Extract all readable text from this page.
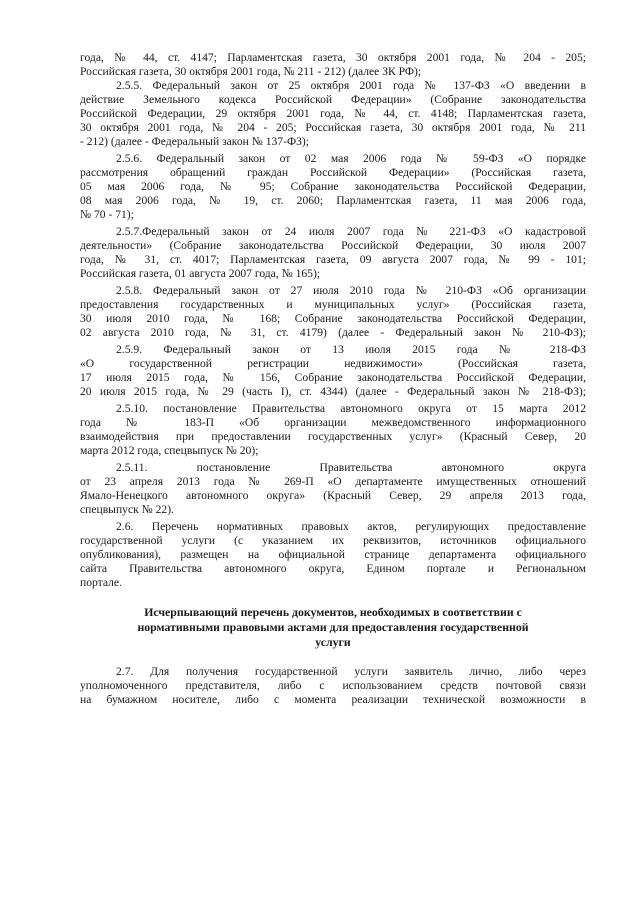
года, № 44, ст. 4147; Парламентская газета, 30 октября 2001 года, № 204 - 205;
Российская газета, 30 октября 2001 года, № 211 - 212) (далее ЗК РФ);
2.5.5. Федеральный закон от 25 октября 2001 года № 137-ФЗ «О введении в
действие Земельного кодекса Российской Федерации» (Собрание законодательства
Российской Федерации, 29 октября 2001 года, № 44, ст. 4148; Парламентская газета,
30 октября 2001 года, № 204 - 205; Российская газета, 30 октября 2001 года, № 211
- 212) (далее - Федеральный закон № 137-ФЗ);
2.5.6. Федеральный закон от 02 мая 2006 года № 59-ФЗ «О порядке
рассмотрения обращений граждан Российской Федерации» (Российская газета,
05 мая 2006 года, № 95; Собрание законодательства Российской Федерации,
08 мая 2006 года, № 19, ст. 2060; Парламентская газета, 11 мая 2006 года,
№ 70 - 71);
2.5.7.Федеральный закон от 24 июля 2007 года № 221-ФЗ «О кадастровой
деятельности» (Собрание законодательства Российской Федерации, 30 июля 2007
года, № 31, ст. 4017; Парламентская газета, 09 августа 2007 года, № 99 - 101;
Российская газета, 01 августа 2007 года, № 165);
2.5.8. Федеральный закон от 27 июля 2010 года № 210-ФЗ «Об организации
предоставления государственных и муниципальных услуг» (Российская газета,
30 июля 2010 года, № 168; Собрание законодательства Российской Федерации,
02 августа 2010 года, № 31, ст. 4179) (далее - Федеральный закон № 210-ФЗ);
2.5.9. Федеральный закон от 13 июля 2015 года № 218-ФЗ
«О государственной регистрации недвижимости» (Российская газета,
17 июля 2015 года, № 156, Собрание законодательства Российской Федерации,
20 июля 2015 года, № 29 (часть I), ст. 4344) (далее - Федеральный закон № 218-ФЗ);
2.5.10. постановление Правительства автономного округа от 15 марта 2012
года № 183-П «Об организации межведомственного информационного
взаимодействия при предоставлении государственных услуг» (Красный Север, 20
марта 2012 года, спецвыпуск № 20);
2.5.11. постановление Правительства автономного округа
от 23 апреля 2013 года № 269-П «О департаменте имущественных отношений
Ямало-Ненецкого автономного округа» (Красный Север, 29 апреля 2013 года,
спецвыпуск № 22).
2.6. Перечень нормативных правовых актов, регулирующих предоставление
государственной услуги (с указанием их реквизитов, источников официального
опубликования), размещен на официальной странице департамента официального
сайта Правительства автономного округа, Едином портале и Региональном
портале.
Исчерпывающий перечень документов, необходимых в соответствии с
нормативными правовыми актами для предоставления государственной
услуги
2.7. Для получения государственной услуги заявитель лично, либо через
уполномоченного представителя, либо с использованием средств почтовой связи
на бумажном носителе, либо с момента реализации технической возможности в
